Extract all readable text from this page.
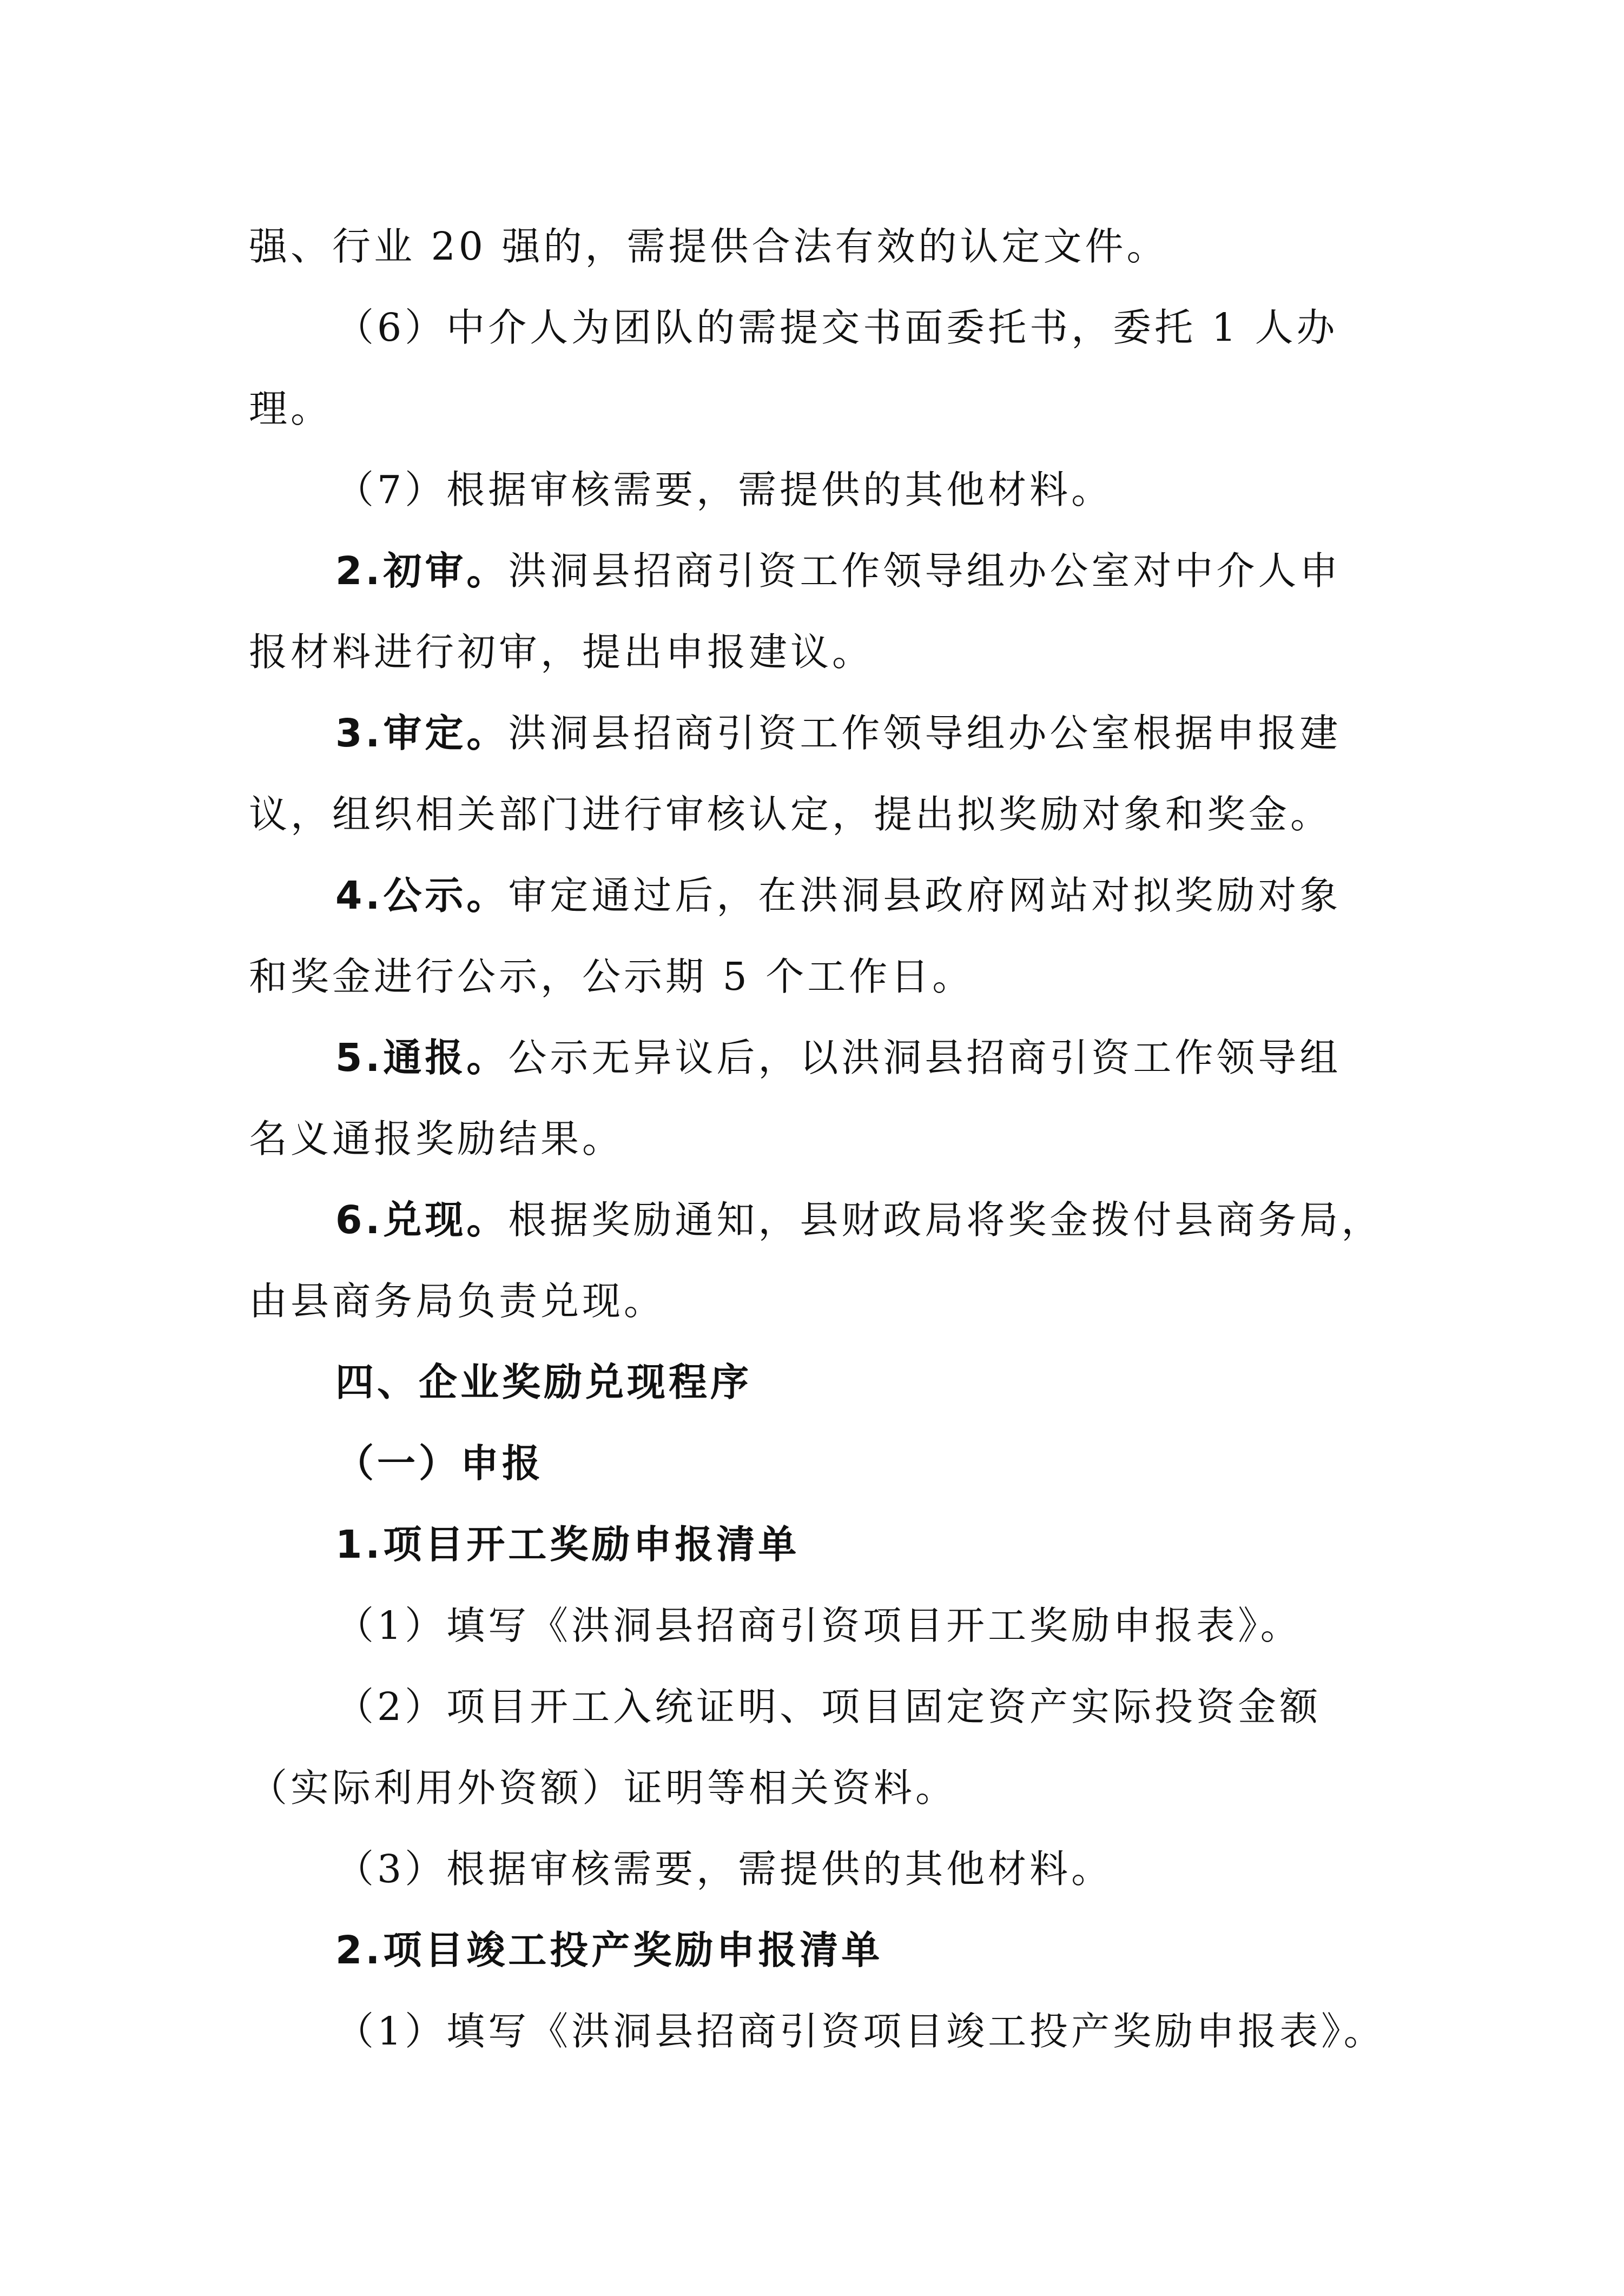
强、行业 20 强的，需提供合法有效的认定文件。
（6）中介人为团队的需提交书面委托书，委托 1 人办
理。
（7）根据审核需要，需提供的其他材料。
2.初审。洪洞县招商引资工作领导组办公室对中介人申
报材料进行初审，提出申报建议。
3.审定。洪洞县招商引资工作领导组办公室根据申报建
议，组织相关部门进行审核认定，提出拟奖励对象和奖金。
4.公示。审定通过后，在洪洞县政府网站对拟奖励对象
和奖金进行公示，公示期 5 个工作日。
5.通报。公示无异议后，以洪洞县招商引资工作领导组
名义通报奖励结果。
6.兑现。根据奖励通知，县财政局将奖金拨付县商务局，
由县商务局负责兑现。
四、企业奖励兑现程序
（一）申报
1.项目开工奖励申报清单
（1）填写《洪洞县招商引资项目开工奖励申报表》。
（2）项目开工入统证明、项目固定资产实际投资金额
（实际利用外资额）证明等相关资料。
（3）根据审核需要，需提供的其他材料。
2.项目竣工投产奖励申报清单
（1）填写《洪洞县招商引资项目竣工投产奖励申报表》。
